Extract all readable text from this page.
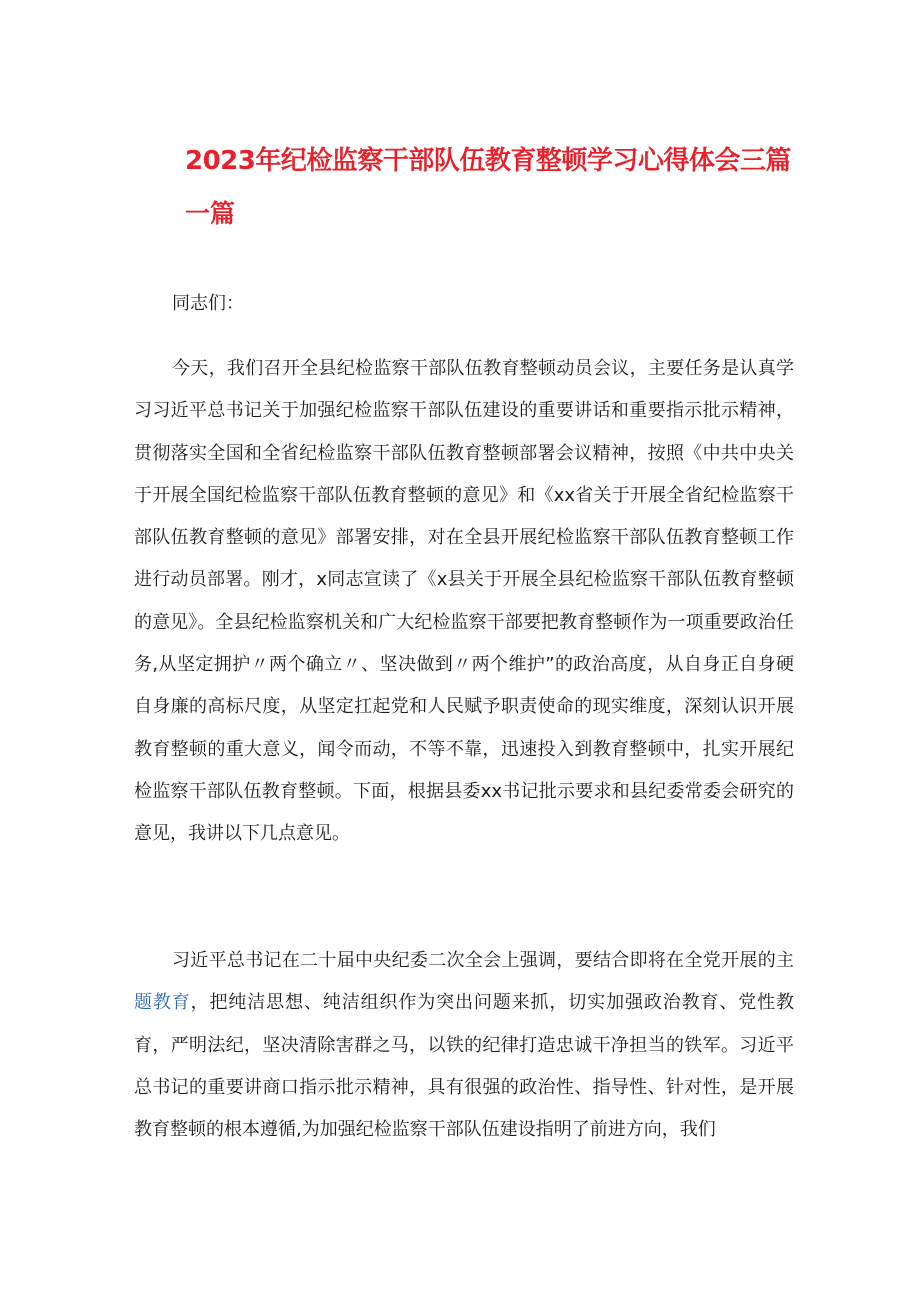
2023年纪检监察干部队伍教育整顿学习心得体会三篇
一篇
同志们：

今天，我们召开全县纪检监察干部队伍教育整顿动员会议，主要任务是认真学习习近平总书记关于加强纪检监察干部队伍建设的重要讲话和重要指示批示精神，贯彻落实全国和全省纪检监察干部队伍教育整顿部署会议精神，按照《中共中央关于开展全国纪检监察干部队伍教育整顿的意见》和《xx省关于开展全省纪检监察干部队伍教育整顿的意见》部署安排，对在全县开展纪检监察干部队伍教育整顿工作进行动员部署。刚才，x同志宣读了《x县关于开展全县纪检监察干部队伍教育整顿的意见》。全县纪检监察机关和广大纪检监察干部要把教育整顿作为一项重要政治任务,从坚定拥护〃两个确立〃、坚决做到〃两个维护”的政治高度，从自身正自身硬自身廉的高标尺度，从坚定扛起党和人民赋予职责使命的现实维度，深刻认识开展教育整顿的重大意义，闻令而动，不等不靠，迅速投入到教育整顿中，扎实开展纪检监察干部队伍教育整顿。下面，根据县委xx书记批示要求和县纪委常委会研究的意见，我讲以下几点意见。

习近平总书记在二十届中央纪委二次全会上强调，要结合即将在全党开展的主题教育，把纯洁思想、纯洁组织作为突出问题来抓，切实加强政治教育、党性教育，严明法纪，坚决清除害群之马，以铁的纪律打造忠诚干净担当的铁军。习近平总书记的重要讲商口指示批示精神，具有很强的政治性、指导性、针对性，是开展教育整顿的根本遵循,为加强纪检监察干部队伍建设指明了前进方向，我们
